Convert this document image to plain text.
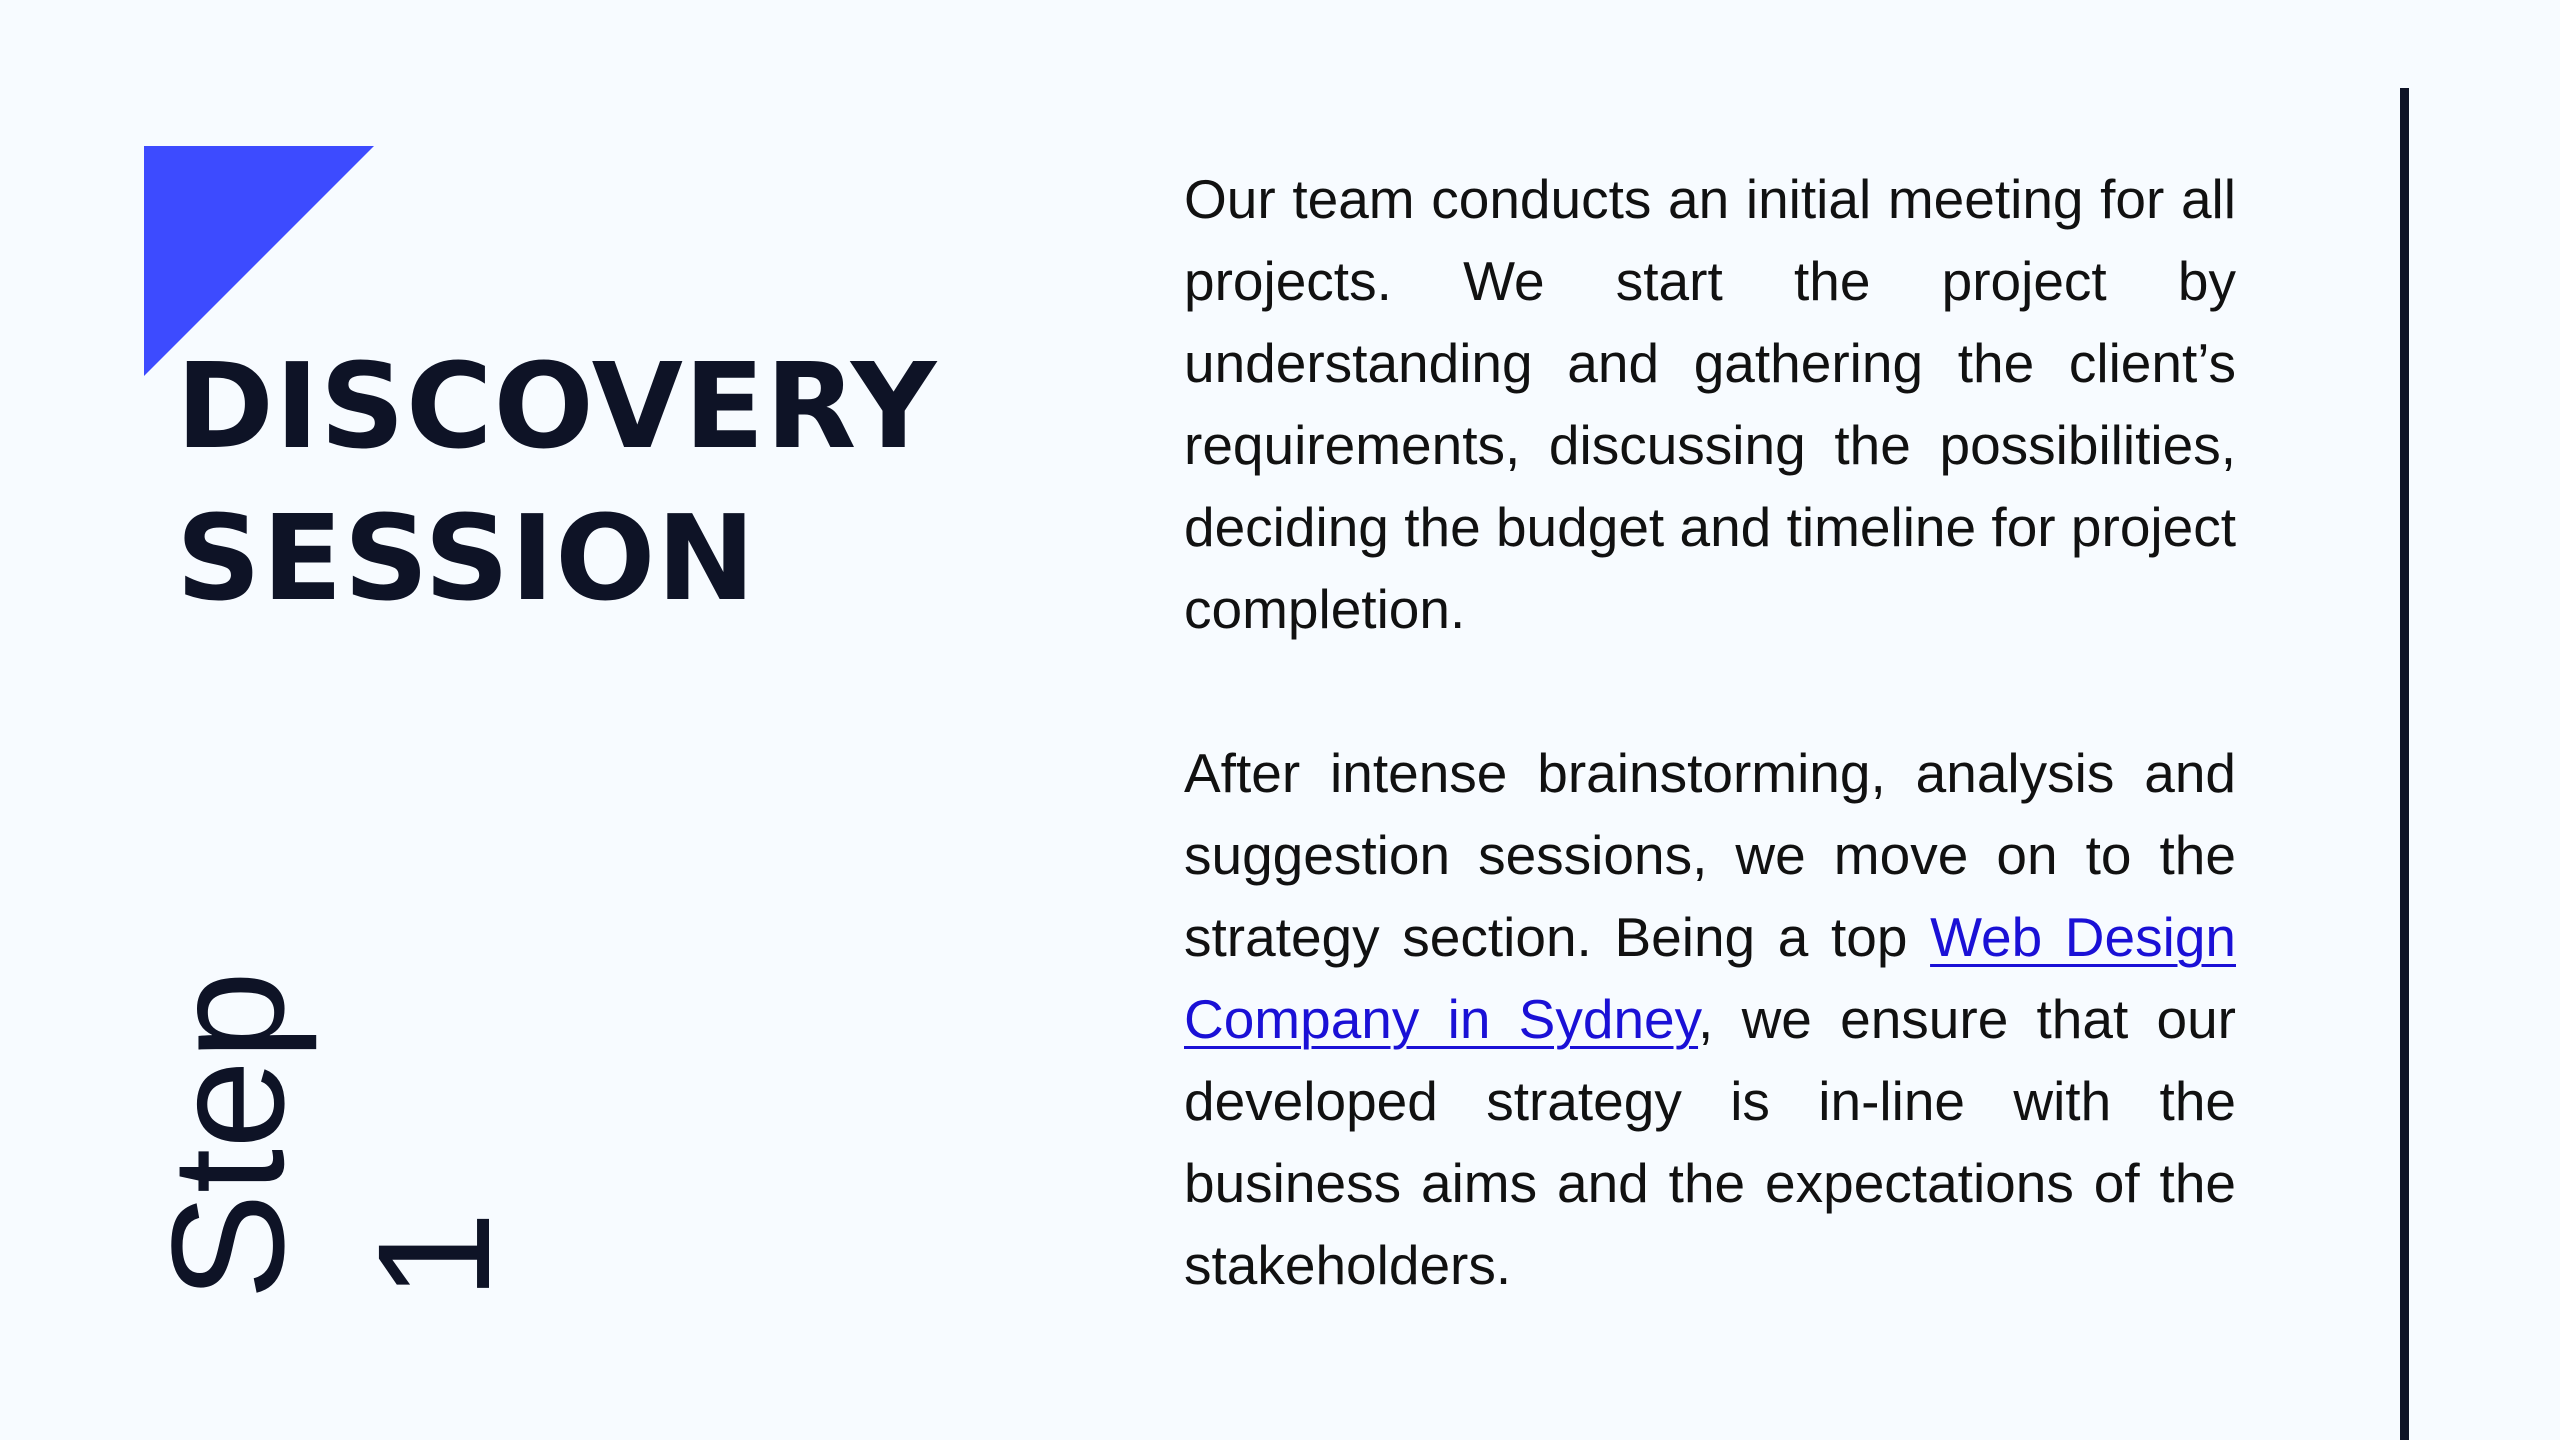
DISCOVERY
SESSION
Step 1

Our team conducts an initial meeting for all projects. We start the project by understanding and gathering the client’s requirements, discussing the possibilities, deciding the budget and timeline for project completion.

After intense brainstorming, analysis and suggestion sessions, we move on to the strategy section. Being a top Web Design Company in Sydney, we ensure that our developed strategy is in-line with the business aims and the expectations of the stakeholders.
